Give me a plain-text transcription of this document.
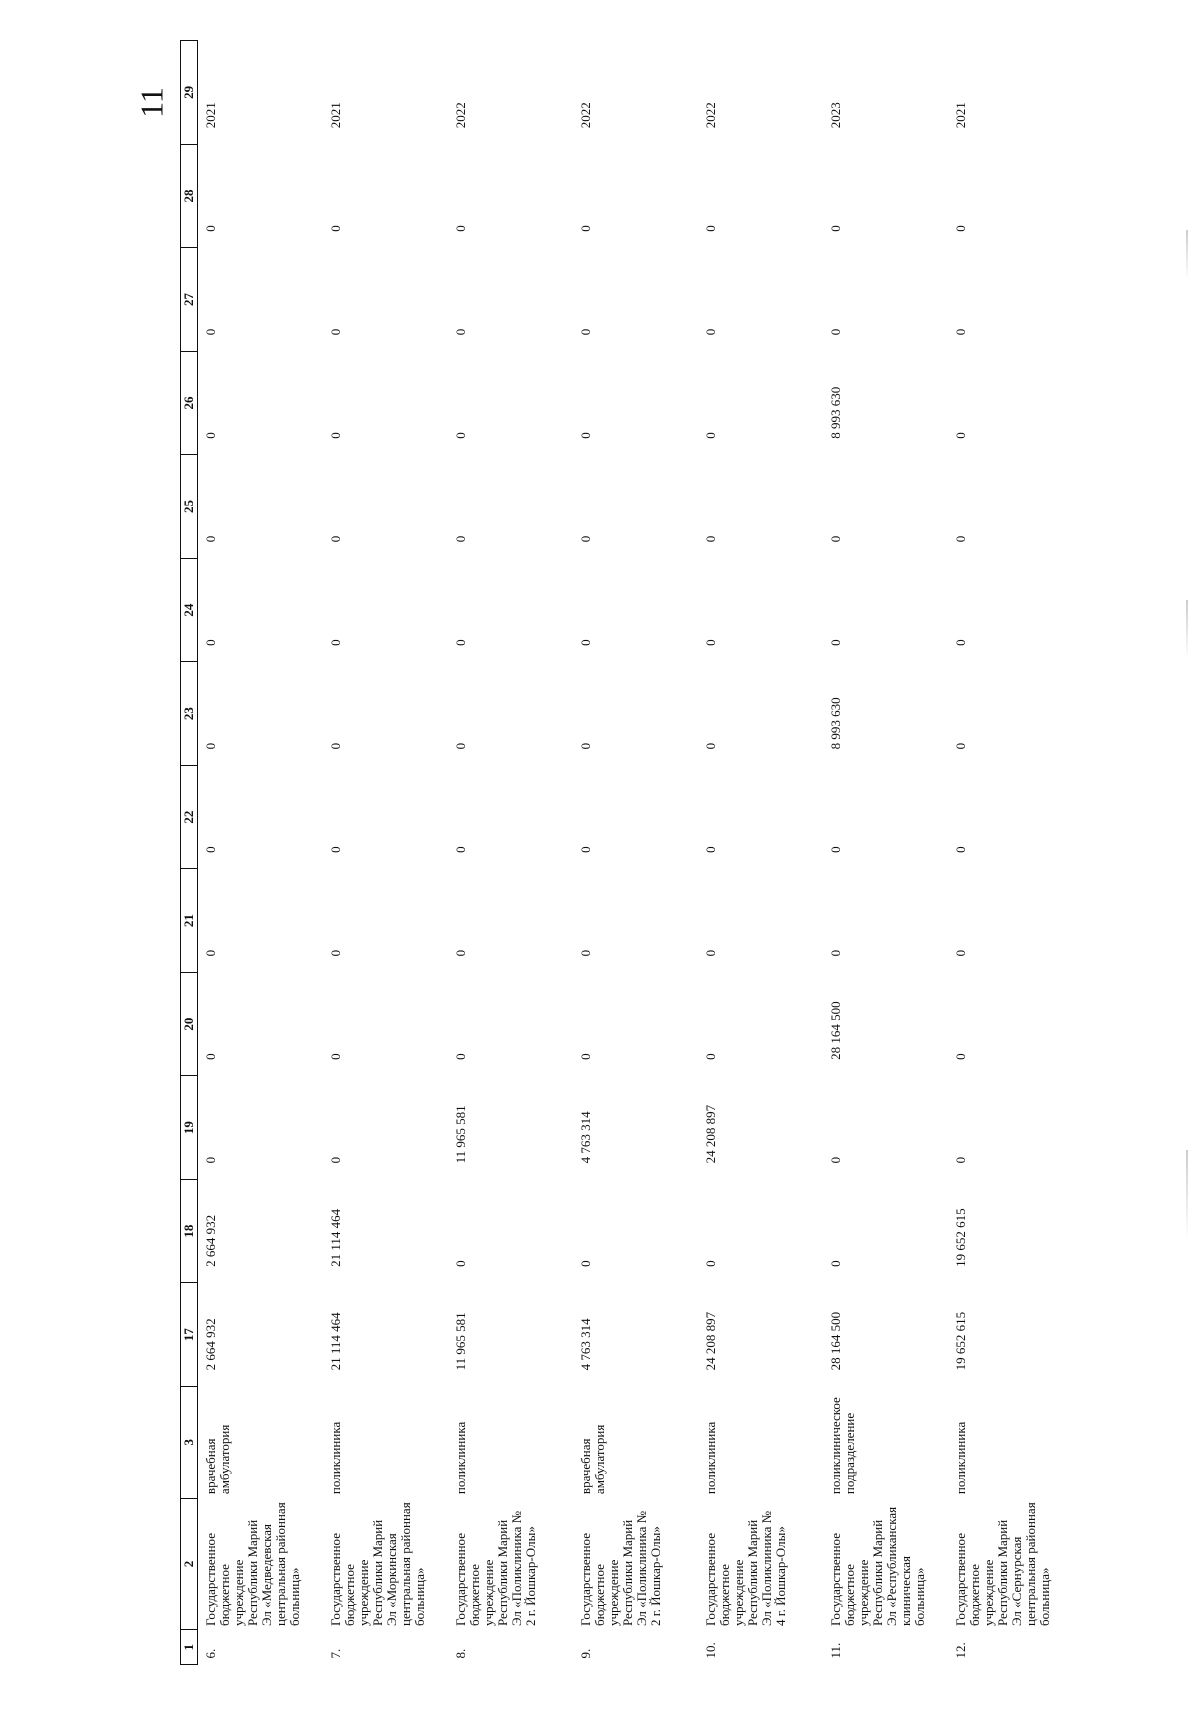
11
1	2	3	17	18	19	20	21	22	23	24	25	26	27	28	29
6.	Государственное бюджетное учреждение Республики Марий Эл «Медведевская центральная районная больница»	врачебная амбулатория	2 664 932	2 664 932	0	0	0	0	0	0	0	0	0	0	2021
7.	Государственное бюджетное учреждение Республики Марий Эл «Моркинская центральная районная больница»	поликлиника	21 114 464	21 114 464	0	0	0	0	0	0	0	0	0	0	2021
8.	Государственное бюджетное учреждение Республики Марий Эл «Поликлиника № 2 г. Йошкар-Олы»	поликлиника	11 965 581	0	11 965 581	0	0	0	0	0	0	0	0	0	2022
9.	Государственное бюджетное учреждение Республики Марий Эл «Поликлиника № 2 г. Йошкар-Олы»	врачебная амбулатория	4 763 314	0	4 763 314	0	0	0	0	0	0	0	0	0	2022
10.	Государственное бюджетное учреждение Республики Марий Эл «Поликлиника № 4 г. Йошкар-Олы»	поликлиника	24 208 897	0	24 208 897	0	0	0	0	0	0	0	0	0	2022
11.	Государственное бюджетное учреждение Республики Марий Эл «Республиканская клиническая больница»	поликлиническое подразделение	28 164 500	0	0	28 164 500	0	0	8 993 630	0	0	8 993 630	0	0	2023
12.	Государственное бюджетное учреждение Республики Марий Эл «Сернурская центральная районная больница»	поликлиника	19 652 615	19 652 615	0	0	0	0	0	0	0	0	0	0	2021
